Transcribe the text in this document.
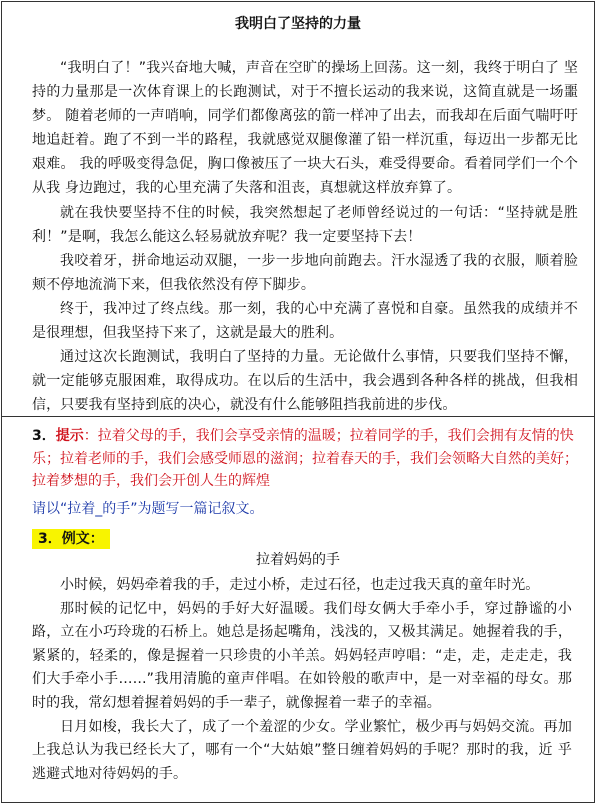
我明白了坚持的力量

“我明白了！”我兴奋地大喊，声音在空旷的操场上回荡。这一刻，我终于明白了 坚持的力量那是一次体育课上的长跑测试，对于不擅长运动的我来说，这简直就是一场噩梦。 随着老师的一声哨响，同学们都像离弦的箭一样冲了出去，而我却在后面气喘吁吁地追赶着。跑了不到一半的路程，我就感觉双腿像灌了铅一样沉重，每迈出一步都无比艰难。 我的呼吸变得急促，胸口像被压了一块大石头，难受得要命。看着同学们一个个从我 身边跑过，我的心里充满了失落和沮丧，真想就这样放弃算了。

就在我快要坚持不住的时候，我突然想起了老师曾经说过的一句话：“坚持就是胜 利！”是啊，我怎么能这么轻易就放弃呢？我一定要坚持下去！

我咬着牙，拼命地运动双腿，一步一步地向前跑去。汗水湿透了我的衣服，顺着脸颊不停地流淌下来，但我依然没有停下脚步。

终于，我冲过了终点线。那一刻，我的心中充满了喜悦和自豪。虽然我的成绩并不是很理想，但我坚持下来了，这就是最大的胜利。

通过这次长跑测试，我明白了坚持的力量。无论做什么事情，只要我们坚持不懈，就一定能够克服困难，取得成功。在以后的生活中，我会遇到各种各样的挑战，但我相信，只要我有坚持到底的决心，就没有什么能够阻挡我前进的步伐。

3．提示：拉着父母的手，我们会享受亲情的温暖；拉着同学的手，我们会拥有友情的快乐；拉着老师的手，我们会感受师恩的滋润；拉着春天的手，我们会领略大自然的美好；拉着梦想的手，我们会开创人生的辉煌
请以“拉着_的手”为题写一篇记叙文。
3．例文：
拉着妈妈的手

小时候，妈妈牵着我的手，走过小桥，走过石径，也走过我天真的童年时光。

那时候的记忆中，妈妈的手好大好温暖。我们母女俩大手牵小手，穿过静谧的小路，立在小巧玲珑的石桥上。她总是扬起嘴角，浅浅的，又极其满足。她握着我的手，紧紧的，轻柔的，像是握着一只珍贵的小羊羔。妈妈轻声哼唱：“走，走，走走走，我们大手牵小手……”我用清脆的童声伴唱。在如铃般的歌声中，是一对幸福的母女。那时的我，常幻想着握着妈妈的手一辈子，就像握着一辈子的幸福。

日月如梭，我长大了，成了一个羞涩的少女。学业繁忙，极少再与妈妈交流。再加上我总认为我已经长大了，哪有一个“大姑娘”整日缠着妈妈的手呢？那时的我，近 乎逃避式地对待妈妈的手。
